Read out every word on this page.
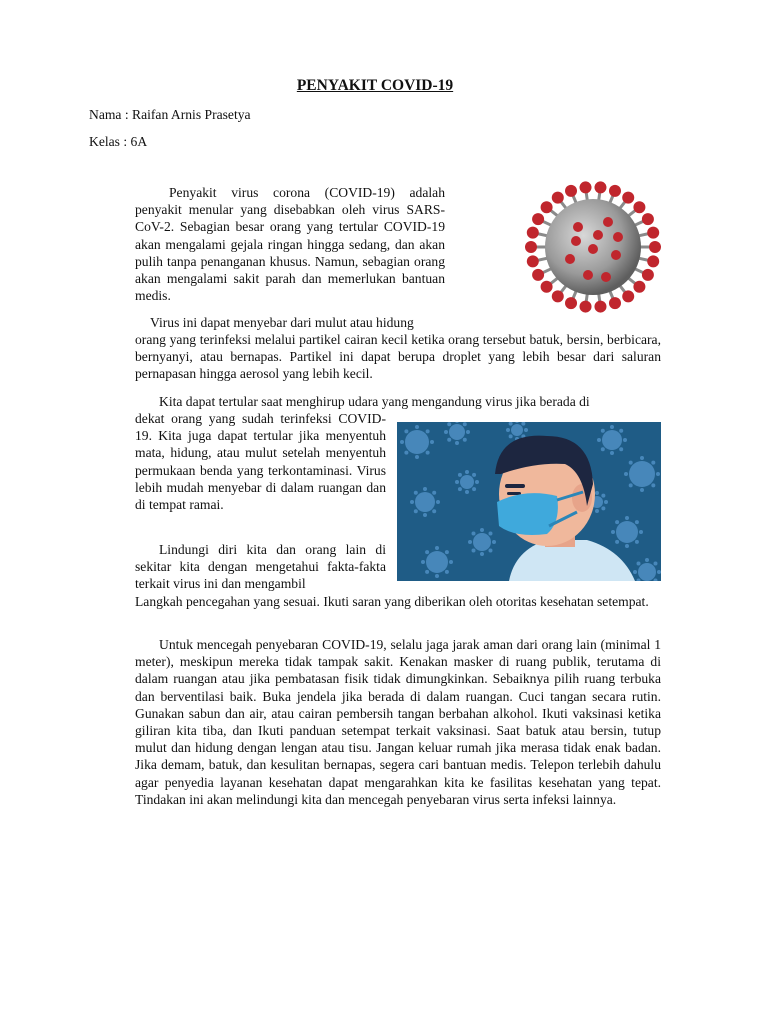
PENYAKIT COVID-19
Nama : Raifan Arnis Prasetya
Kelas : 6A

Penyakit virus corona (COVID-19) adalah penyakit menular yang disebabkan oleh virus SARS-CoV-2. Sebagian besar orang yang tertular COVID-19 akan mengalami gejala ringan hingga sedang, dan akan pulih tanpa penanganan khusus. Namun, sebagian orang akan mengalami sakit parah dan memerlukan bantuan medis.

Virus ini dapat menyebar dari mulut atau hidung

orang yang terinfeksi melalui partikel cairan kecil ketika orang tersebut batuk, bersin, berbicara, bernyanyi, atau bernapas. Partikel ini dapat berupa droplet yang lebih besar dari saluran pernapasan hingga aerosol yang lebih kecil.

Kita dapat tertular saat menghirup udara yang mengandung virus jika berada di

dekat orang yang sudah terinfeksi COVID-19. Kita juga dapat tertular jika menyentuh mata, hidung, atau mulut setelah menyentuh permukaan benda yang terkontaminasi. Virus lebih mudah menyebar di dalam ruangan dan di tempat ramai.

Lindungi diri kita dan orang lain di sekitar kita dengan mengetahui fakta-fakta terkait virus ini dan mengambil

Langkah pencegahan yang sesuai. Ikuti saran yang diberikan oleh otoritas kesehatan setempat.

Untuk mencegah penyebaran COVID-19, selalu jaga jarak aman dari orang lain (minimal 1 meter), meskipun mereka tidak tampak sakit. Kenakan masker di ruang publik, terutama di dalam ruangan atau jika pembatasan fisik tidak dimungkinkan. Sebaiknya pilih ruang terbuka dan berventilasi baik. Buka jendela jika berada di dalam ruangan. Cuci tangan secara rutin. Gunakan sabun dan air, atau cairan pembersih tangan berbahan alkohol. Ikuti vaksinasi ketika giliran kita tiba, dan Ikuti panduan setempat terkait vaksinasi. Saat batuk atau bersin, tutup mulut dan hidung dengan lengan atau tisu. Jangan keluar rumah jika merasa tidak enak badan. Jika demam, batuk, dan kesulitan bernapas, segera cari bantuan medis. Telepon terlebih dahulu agar penyedia layanan kesehatan dapat mengarahkan kita ke fasilitas kesehatan yang tepat. Tindakan ini akan melindungi kita dan mencegah penyebaran virus serta infeksi lainnya.
